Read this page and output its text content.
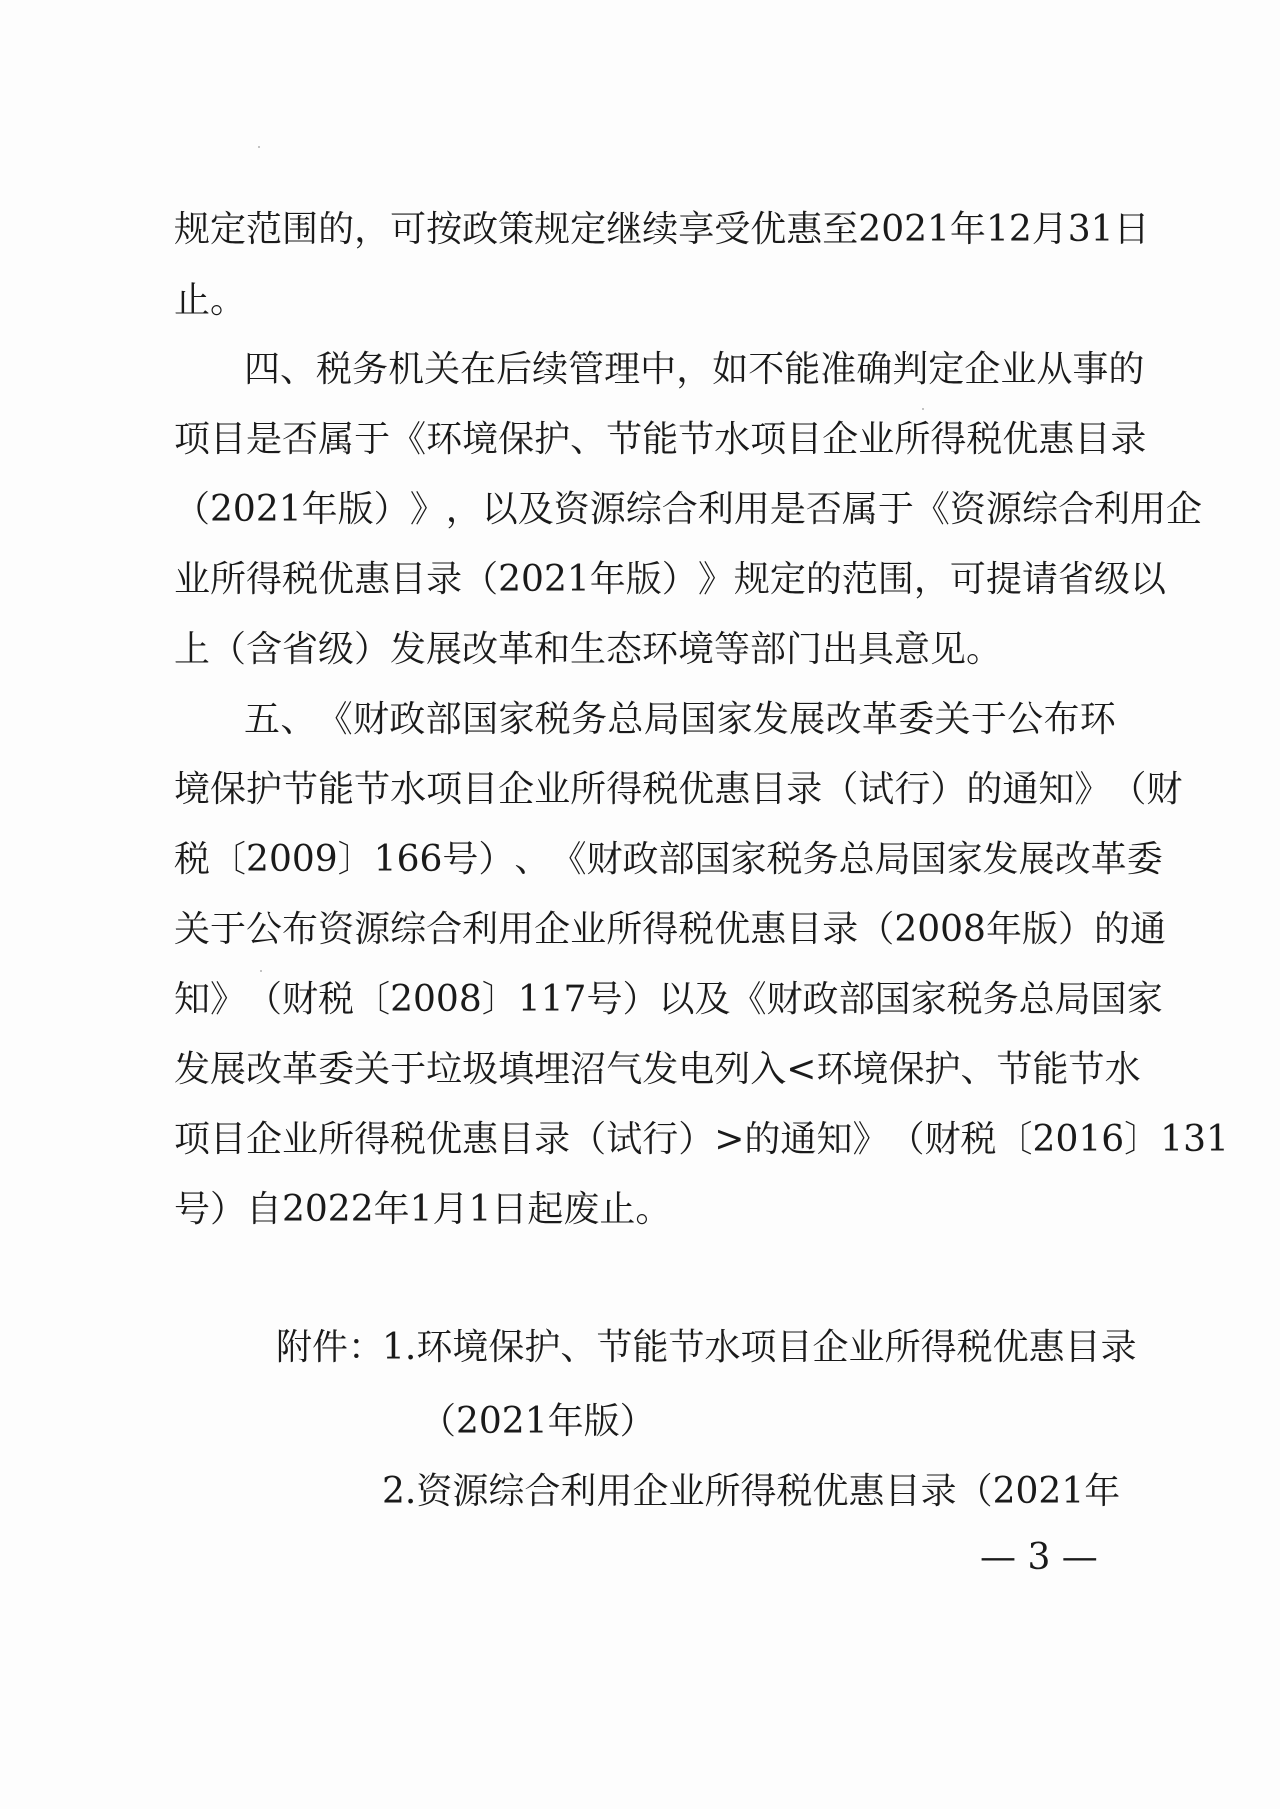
规 定 范 围 的 ， 可 按 政 策 规 定 继 续 享 受 优 惠 至 2 0 2 1 年 1 2 月 3 1 日
止。
四 、 税 务 机 关 在 后 续 管 理 中 ， 如 不 能 准 确 判 定 企 业 从 事 的
项 目 是 否 属 于 《 环 境 保 护 、 节 能 节 水 项 目 企 业 所 得 税 优 惠 目 录
（ 2 0 2 1 年 版 ） 》 ， 以 及 资 源 综 合 利 用 是 否 属 于 《 资 源 综 合 利 用 企
业 所 得 税 优 惠 目 录 （ 2 0 2 1 年 版 ） 》 规 定 的 范 围 ， 可 提 请 省 级 以
上（含省级）发展改革和生态环境等部门出具意见。
五 、 《 财 政 部 国 家 税 务 总 局 国 家 发 展 改 革 委 关 于 公 布 环
境 保 护 节 能 节 水 项 目 企 业 所 得 税 优 惠 目 录 （ 试 行 ） 的 通 知 》 （ 财
税 〔 2 0 0 9 〕 1 6 6 号 ） 、 《 财 政 部 国 家 税 务 总 局 国 家 发 展 改 革 委
关 于 公 布 资 源 综 合 利 用 企 业 所 得 税 优 惠 目 录 （ 2 0 0 8 年 版 ） 的 通
知 》 （ 财 税 〔 2 0 0 8 〕 1 1 7 号 ） 以 及 《 财 政 部 国 家 税 务 总 局 国 家
发 展 改 革 委 关 于 垃 圾 填 埋 沼 气 发 电 列 入 < 环 境 保 护 、 节 能 节 水
项 目 企 业 所 得 税 优 惠 目 录 （ 试 行 ） > 的 通 知 》 （ 财 税 〔 2 0 1 6 〕 1 3 1
号）自2022年1月1日起废止。
附件：
1 . 环 境 保 护 、 节 能 节 水 项 目 企 业 所 得 税 优 惠 目 录
（2021年版）
2 . 资 源 综 合 利 用 企 业 所 得 税 优 惠 目 录 （ 2 0 2 1 年
— 3 —
